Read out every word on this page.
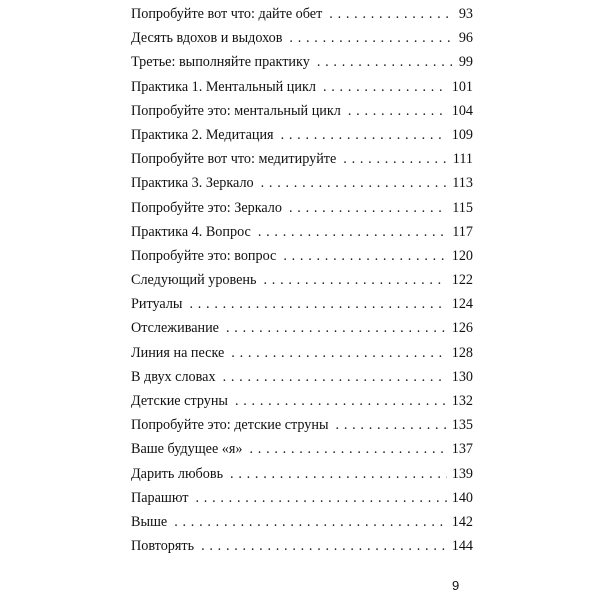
Попробуйте вот что: дайте обет . . .	93
Десять вдохов и выдохов . . .	96
Третье: выполняйте практику . . .	99
Практика 1. Ментальный цикл . . .	101
Попробуйте это: ментальный цикл . . .	104
Практика 2. Медитация . . .	109
Попробуйте вот что: медитируйте . . .	111
Практика 3. Зеркало . . .	113
Попробуйте это: Зеркало . . .	115
Практика 4. Вопрос . . .	117
Попробуйте это: вопрос . . .	120
Следующий уровень . . .	122
Ритуалы . . .	124
Отслеживание . . .	126
Линия на песке . . .	128
В двух словах . . .	130
Детские струны . . .	132
Попробуйте это: детские струны . . .	135
Ваше будущее «я» . . .	137
Дарить любовь . . .	139
Парашют . . .	140
Выше . . .	142
Повторять . . .	144
9
